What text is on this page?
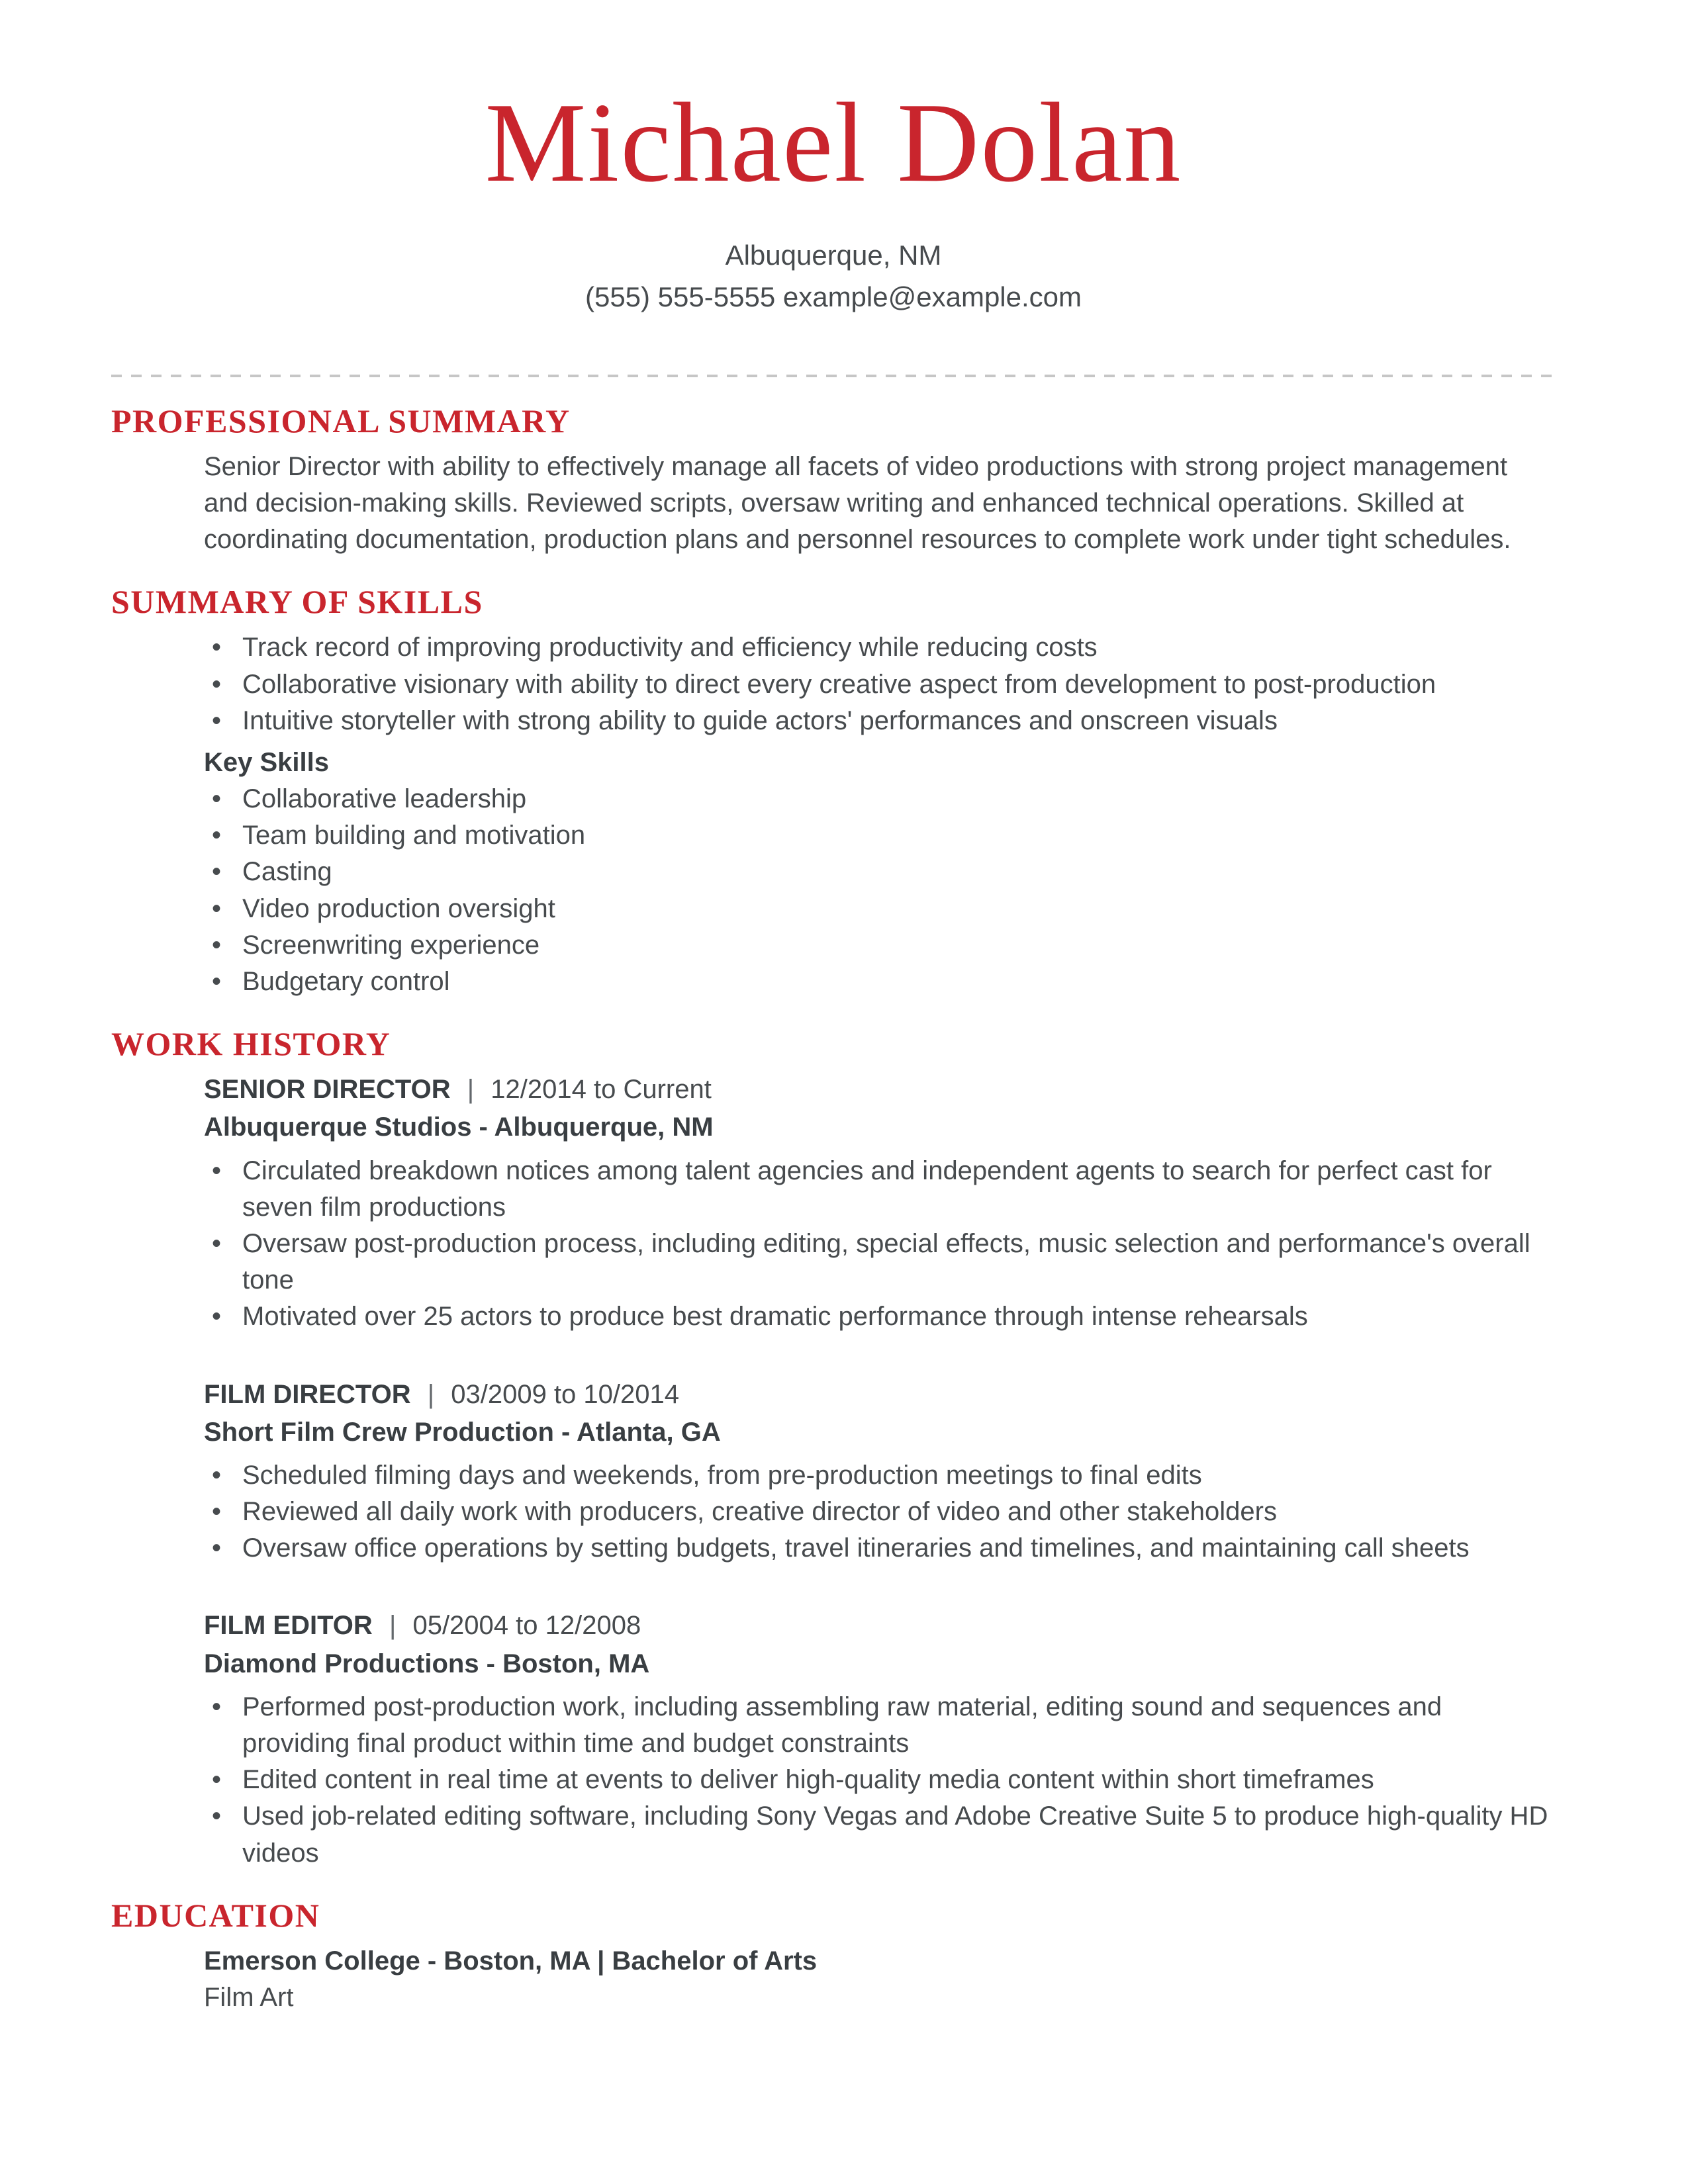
Michael Dolan
Albuquerque, NM
(555) 555-5555 example@example.com
PROFESSIONAL SUMMARY

Senior Director with ability to effectively manage all facets of video productions with strong project management and decision-making skills. Reviewed scripts, oversaw writing and enhanced technical operations. Skilled at coordinating documentation, production plans and personnel resources to complete work under tight schedules.

SUMMARY OF SKILLS
• Track record of improving productivity and efficiency while reducing costs
• Collaborative visionary with ability to direct every creative aspect from development to post-production
• Intuitive storyteller with strong ability to guide actors' performances and onscreen visuals
Key Skills
• Collaborative leadership
• Team building and motivation
• Casting
• Video production oversight
• Screenwriting experience
• Budgetary control
WORK HISTORY
SENIOR DIRECTOR | 12/2014 to Current
Albuquerque Studios - Albuquerque, NM
• Circulated breakdown notices among talent agencies and independent agents to search for perfect cast for seven film productions
• Oversaw post-production process, including editing, special effects, music selection and performance's overall tone
• Motivated over 25 actors to produce best dramatic performance through intense rehearsals
FILM DIRECTOR | 03/2009 to 10/2014
Short Film Crew Production - Atlanta, GA
• Scheduled filming days and weekends, from pre-production meetings to final edits
• Reviewed all daily work with producers, creative director of video and other stakeholders
• Oversaw office operations by setting budgets, travel itineraries and timelines, and maintaining call sheets
FILM EDITOR | 05/2004 to 12/2008
Diamond Productions - Boston, MA
• Performed post-production work, including assembling raw material, editing sound and sequences and providing final product within time and budget constraints
• Edited content in real time at events to deliver high-quality media content within short timeframes
• Used job-related editing software, including Sony Vegas and Adobe Creative Suite 5 to produce high-quality HD videos
EDUCATION
Emerson College - Boston, MA | Bachelor of Arts
Film Art
